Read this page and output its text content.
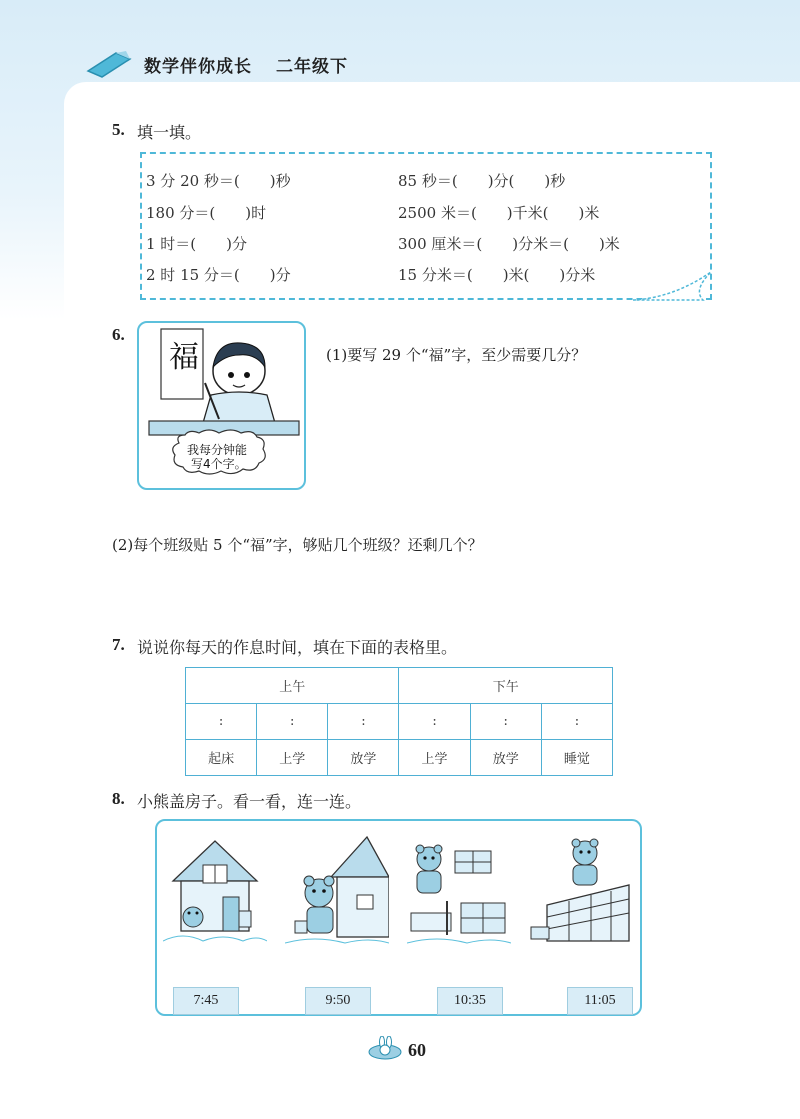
数学伴你成长 二年级下
5. 填一填。
3 分 20 秒＝(　　)秒	85 秒＝(　　)分(　　)秒
180 分＝(　　)时	2500 米＝(　　)千米(　　)米
1 时＝(　　)分	300 厘米＝(　　)分米＝(　　)米
2 时 15 分＝(　　)分	15 分米＝(　　)米(　　)分米
6.
福
我每分钟能
写4个字。
(1)要写 29 个“福”字，至少需要几分？
(2)每个班级贴 5 个“福”字，够贴几个班级？还剩几个？
7. 说说你每天的作息时间，填在下面的表格里。
上午			下午		
:	:	:	:	:	:
起床	上学	放学	上学	放学	睡觉
8. 小熊盖房子。看一看，连一连。
7:45	9:50	10:35	11:05
60
